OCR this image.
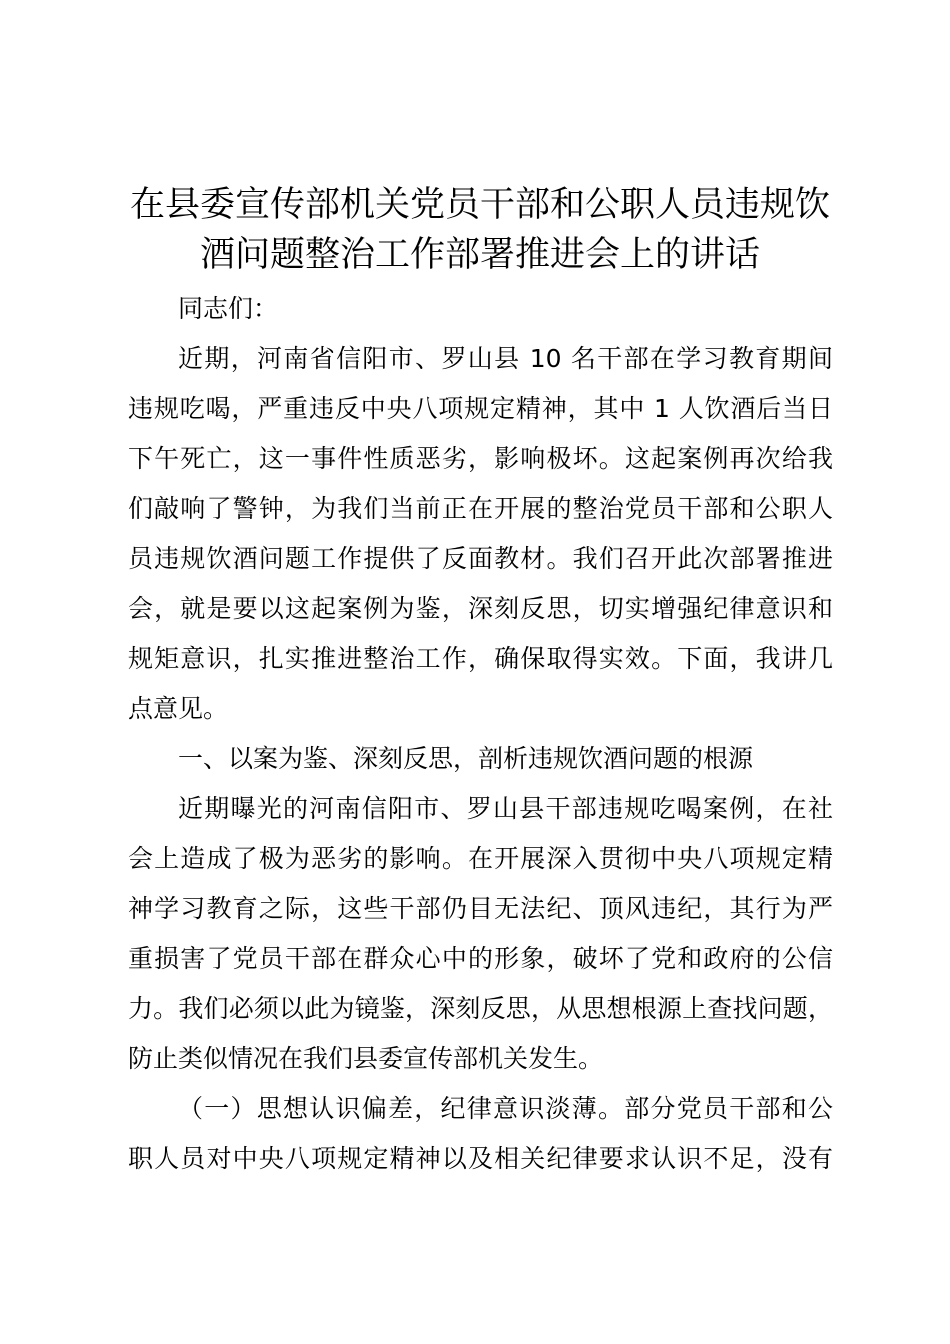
在县委宣传部机关党员干部和公职人员违规饮
酒问题整治工作部署推进会上的讲话
同志们：
近期，河南省信阳市、罗山县 10 名干部在学习教育期间
违规吃喝，严重违反中央八项规定精神，其中 1 人饮酒后当日
下午死亡，这一事件性质恶劣，影响极坏。这起案例再次给我
们敲响了警钟，为我们当前正在开展的整治党员干部和公职人
员违规饮酒问题工作提供了反面教材。我们召开此次部署推进
会，就是要以这起案例为鉴，深刻反思，切实增强纪律意识和
规矩意识，扎实推进整治工作，确保取得实效。下面，我讲几
点意见。
一、以案为鉴、深刻反思，剖析违规饮酒问题的根源
近期曝光的河南信阳市、罗山县干部违规吃喝案例，在社
会上造成了极为恶劣的影响。在开展深入贯彻中央八项规定精
神学习教育之际，这些干部仍目无法纪、顶风违纪，其行为严
重损害了党员干部在群众心中的形象，破坏了党和政府的公信
力。我们必须以此为镜鉴，深刻反思，从思想根源上查找问题，
防止类似情况在我们县委宣传部机关发生。
（一）思想认识偏差，纪律意识淡薄。部分党员干部和公
职人员对中央八项规定精神以及相关纪律要求认识不足，没有
